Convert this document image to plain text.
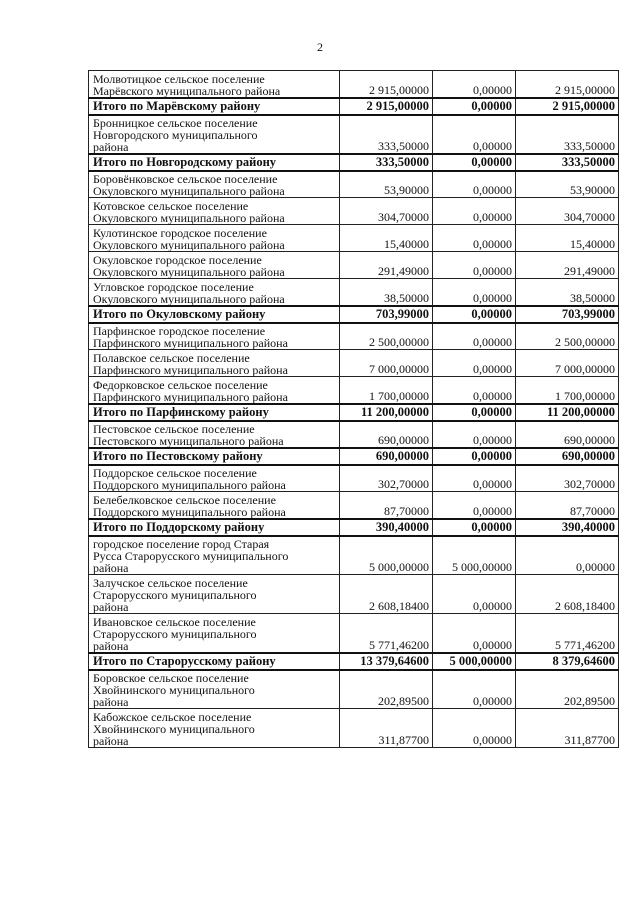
2
Молвотицкое сельское поселение
Марёвского муниципального района	2 915,00000	0,00000	2 915,00000
Итого по Марёвскому району	2 915,00000	0,00000	2 915,00000
Бронницкое сельское поселение
Новгородского муниципального
района	333,50000	0,00000	333,50000
Итого по Новгородскому району	333,50000	0,00000	333,50000
Боровёнковское сельское поселение
Окуловского муниципального района	53,90000	0,00000	53,90000
Котовское сельское поселение
Окуловского муниципального района	304,70000	0,00000	304,70000
Кулотинское городское поселение
Окуловского муниципального района	15,40000	0,00000	15,40000
Окуловское городское поселение
Окуловского муниципального района	291,49000	0,00000	291,49000
Угловское городское поселение
Окуловского муниципального района	38,50000	0,00000	38,50000
Итого по Окуловскому району	703,99000	0,00000	703,99000
Парфинское городское поселение
Парфинского муниципального района	2 500,00000	0,00000	2 500,00000
Полавское сельское поселение
Парфинского муниципального района	7 000,00000	0,00000	7 000,00000
Федорковское сельское поселение
Парфинского муниципального района	1 700,00000	0,00000	1 700,00000
Итого по Парфинскому району	11 200,00000	0,00000	11 200,00000
Пестовское сельское поселение
Пестовского муниципального района	690,00000	0,00000	690,00000
Итого по Пестовскому району	690,00000	0,00000	690,00000
Поддорское сельское поселение
Поддорского муниципального района	302,70000	0,00000	302,70000
Белебелковское сельское поселение
Поддорского муниципального района	87,70000	0,00000	87,70000
Итого по Поддорскому району	390,40000	0,00000	390,40000
городское поселение город Старая
Русса Старорусского муниципального
района	5 000,00000	5 000,00000	0,00000
Залучское сельское поселение
Старорусского муниципального
района	2 608,18400	0,00000	2 608,18400
Ивановское сельское поселение
Старорусского муниципального
района	5 771,46200	0,00000	5 771,46200
Итого по Старорусскому району	13 379,64600	5 000,00000	8 379,64600
Боровское сельское поселение
Хвойнинского муниципального
района	202,89500	0,00000	202,89500
Кабожское сельское поселение
Хвойнинского муниципального
района	311,87700	0,00000	311,87700
